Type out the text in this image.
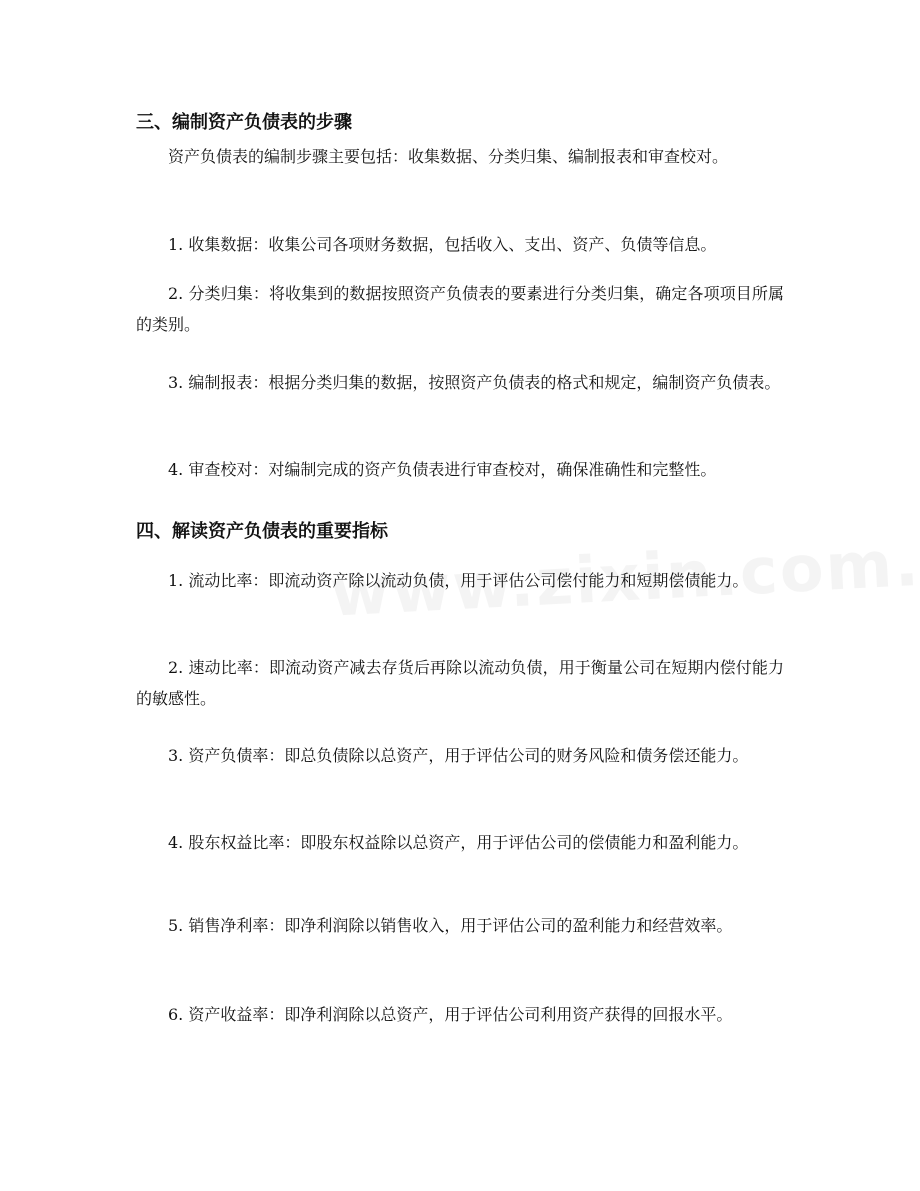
三、编制资产负债表的步骤

资产负债表的编制步骤主要包括：收集数据、分类归集、编制报表和审查校对。

1. 收集数据：收集公司各项财务数据，包括收入、支出、资产、负债等信息。

2. 分类归集：将收集到的数据按照资产负债表的要素进行分类归集，确定各项项目所属的类别。

3. 编制报表：根据分类归集的数据，按照资产负债表的格式和规定，编制资产负债表。

4. 审查校对：对编制完成的资产负债表进行审查校对，确保准确性和完整性。

四、解读资产负债表的重要指标

1. 流动比率：即流动资产除以流动负债，用于评估公司偿付能力和短期偿债能力。

2. 速动比率：即流动资产减去存货后再除以流动负债，用于衡量公司在短期内偿付能力的敏感性。

3. 资产负债率：即总负债除以总资产，用于评估公司的财务风险和债务偿还能力。

4. 股东权益比率：即股东权益除以总资产，用于评估公司的偿债能力和盈利能力。

5. 销售净利率：即净利润除以销售收入，用于评估公司的盈利能力和经营效率。

6. 资产收益率：即净利润除以总资产，用于评估公司利用资产获得的回报水平。
